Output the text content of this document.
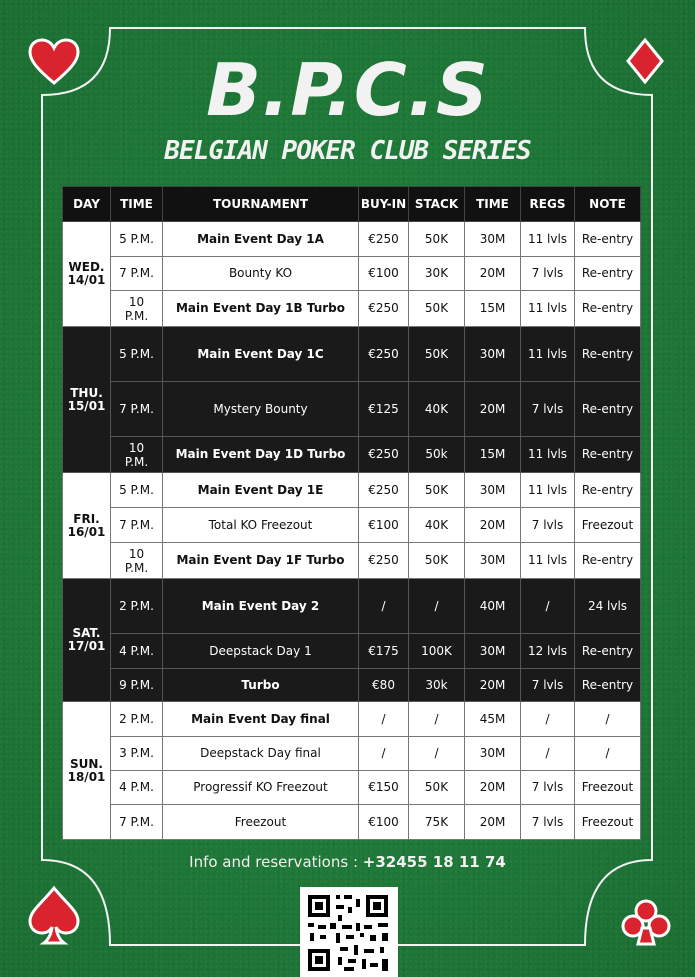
B.P.C.S
BELGIAN POKER CLUB SERIES
DAY	TIME	TOURNAMENT	BUY-IN	STACK	TIME	REGS	NOTE
WED. 14/01	5 P.M.	Main Event Day 1A	€250	50K	30M	11 lvls	Re-entry
	7 P.M.	Bounty KO	€100	30K	20M	7 lvls	Re-entry
	10 P.M.	Main Event Day 1B Turbo	€250	50K	15M	11 lvls	Re-entry
THU. 15/01	5 P.M.	Main Event Day 1C	€250	50K	30M	11 lvls	Re-entry
	7 P.M.	Mystery Bounty	€125	40K	20M	7 lvls	Re-entry
	10 P.M.	Main Event Day 1D Turbo	€250	50k	15M	11 lvls	Re-entry
FRI. 16/01	5 P.M.	Main Event Day 1E	€250	50K	30M	11 lvls	Re-entry
	7 P.M.	Total KO Freezout	€100	40K	20M	7 lvls	Freezout
	10 P.M.	Main Event Day 1F Turbo	€250	50K	30M	11 lvls	Re-entry
SAT. 17/01	2 P.M.	Main Event Day 2	/	/	40M	/	24 lvls
	4 P.M.	Deepstack Day 1	€175	100K	30M	12 lvls	Re-entry
	9 P.M.	Turbo	€80	30k	20M	7 lvls	Re-entry
SUN. 18/01	2 P.M.	Main Event Day final	/	/	45M	/	/
	3 P.M.	Deepstack Day final	/	/	30M	/	/
	4 P.M.	Progressif KO Freezout	€150	50K	20M	7 lvls	Freezout
	7 P.M.	Freezout	€100	75K	20M	7 lvls	Freezout
Info and reservations : +32455 18 11 74
